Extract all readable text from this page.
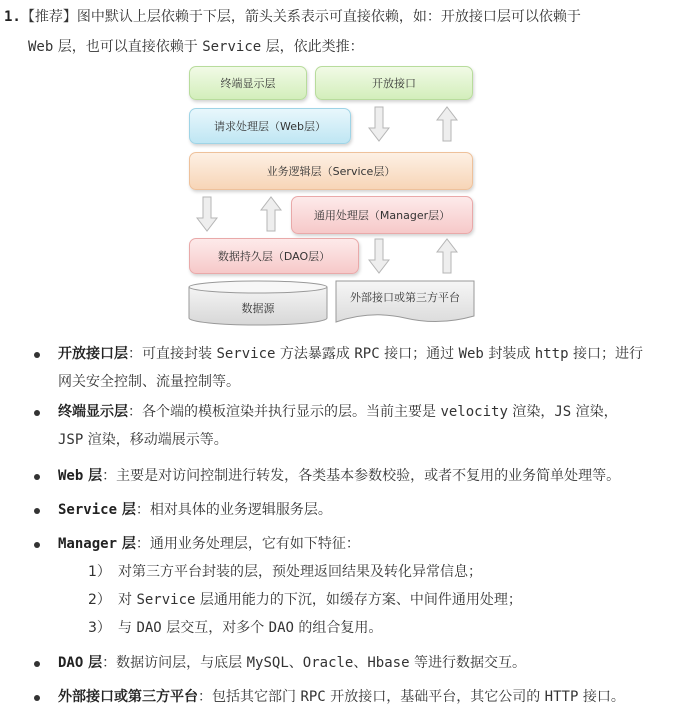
1.【推荐】图中默认上层依赖于下层，箭头关系表示可直接依赖，如：开放接口层可以依赖于
Web 层，也可以直接依赖于 Service 层，依此类推：
终端显示层	开放接口
请求处理层（Web层）
业务逻辑层（Service层）
通用处理层（Manager层）
数据持久层（DAO层）
数据源
外部接口或第三方平台
开放接口层：可直接封装 Service 方法暴露成 RPC 接口；通过 Web 封装成 http 接口；进行
网关安全控制、流量控制等。
终端显示层：各个端的模板渲染并执行显示的层。当前主要是 velocity 渲染，JS 渲染，
JSP 渲染，移动端展示等。
Web 层：主要是对访问控制进行转发，各类基本参数校验，或者不复用的业务简单处理等。
Service 层：相对具体的业务逻辑服务层。
Manager 层：通用业务处理层，它有如下特征：
1） 对第三方平台封装的层，预处理返回结果及转化异常信息；
2） 对 Service 层通用能力的下沉，如缓存方案、中间件通用处理；
3） 与 DAO 层交互，对多个 DAO 的组合复用。
DAO 层：数据访问层，与底层 MySQL、Oracle、Hbase 等进行数据交互。
外部接口或第三方平台：包括其它部门 RPC 开放接口，基础平台，其它公司的 HTTP 接口。
